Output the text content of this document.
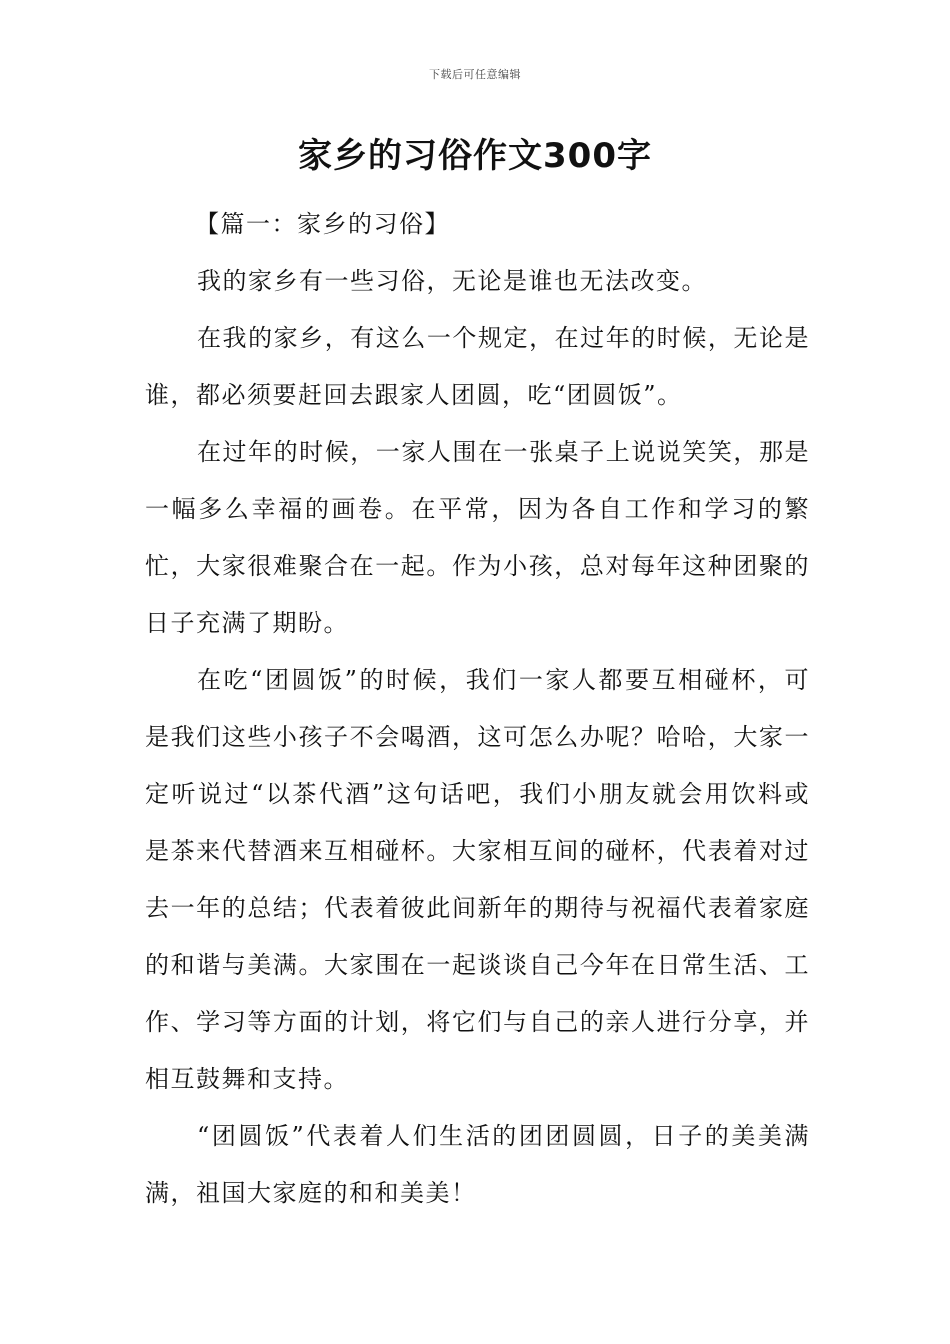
下载后可任意编辑
家乡的习俗作文300字

【篇一：家乡的习俗】

我的家乡有一些习俗，无论是谁也无法改变。

在我的家乡，有这么一个规定，在过年的时候，无论是谁，都必须要赶回去跟家人团圆，吃“团圆饭”。

在过年的时候，一家人围在一张桌子上说说笑笑，那是一幅多么幸福的画卷。在平常，因为各自工作和学习的繁忙，大家很难聚合在一起。作为小孩，总对每年这种团聚的日子充满了期盼。

在吃“团圆饭”的时候，我们一家人都要互相碰杯，可是我们这些小孩子不会喝酒，这可怎么办呢？哈哈，大家一定听说过“以茶代酒”这句话吧，我们小朋友就会用饮料或是茶来代替酒来互相碰杯。大家相互间的碰杯，代表着对过去一年的总结；代表着彼此间新年的期待与祝福代表着家庭的和谐与美满。大家围在一起谈谈自己今年在日常生活、工作、学习等方面的计划，将它们与自己的亲人进行分享，并相互鼓舞和支持。

“团圆饭”代表着人们生活的团团圆圆，日子的美美满满，祖国大家庭的和和美美！
